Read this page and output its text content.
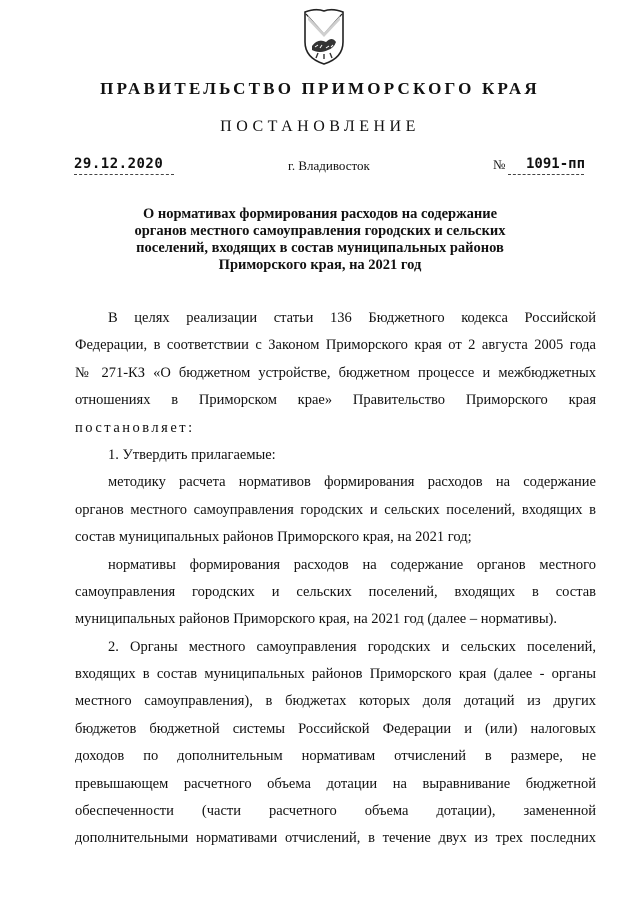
ПРАВИТЕЛЬСТВО ПРИМОРСКОГО КРАЯ
ПОСТАНОВЛЕНИЕ
29.12.2020	г. Владивосток	№ 1091-пп
О нормативах формирования расходов на содержание
органов местного самоуправления городских и сельских
поселений, входящих в состав муниципальных районов
Приморского края, на 2021 год
В целях реализации статьи 136 Бюджетного кодекса Российской
Федерации, в соответствии с Законом Приморского края от 2 августа 2005 года
№ 271-КЗ «О бюджетном устройстве, бюджетном процессе и межбюджетных
отношениях в Приморском крае» Правительство Приморского края
постановляет:
1. Утвердить прилагаемые:
методику расчета нормативов формирования расходов на содержание
органов местного самоуправления городских и сельских поселений, входящих в
состав муниципальных районов Приморского края, на 2021 год;
нормативы формирования расходов на содержание органов местного
самоуправления городских и сельских поселений, входящих в состав
муниципальных районов Приморского края, на 2021 год (далее – нормативы).
2. Органы местного самоуправления городских и сельских поселений,
входящих в состав муниципальных районов Приморского края (далее - органы
местного самоуправления), в бюджетах которых доля дотаций из других
бюджетов бюджетной системы Российской Федерации и (или) налоговых
доходов по дополнительным нормативам отчислений в размере, не
превышающем расчетного объема дотации на выравнивание бюджетной
обеспеченности (части расчетного объема дотации), замененной
дополнительными нормативами отчислений, в течение двух из трех последних
